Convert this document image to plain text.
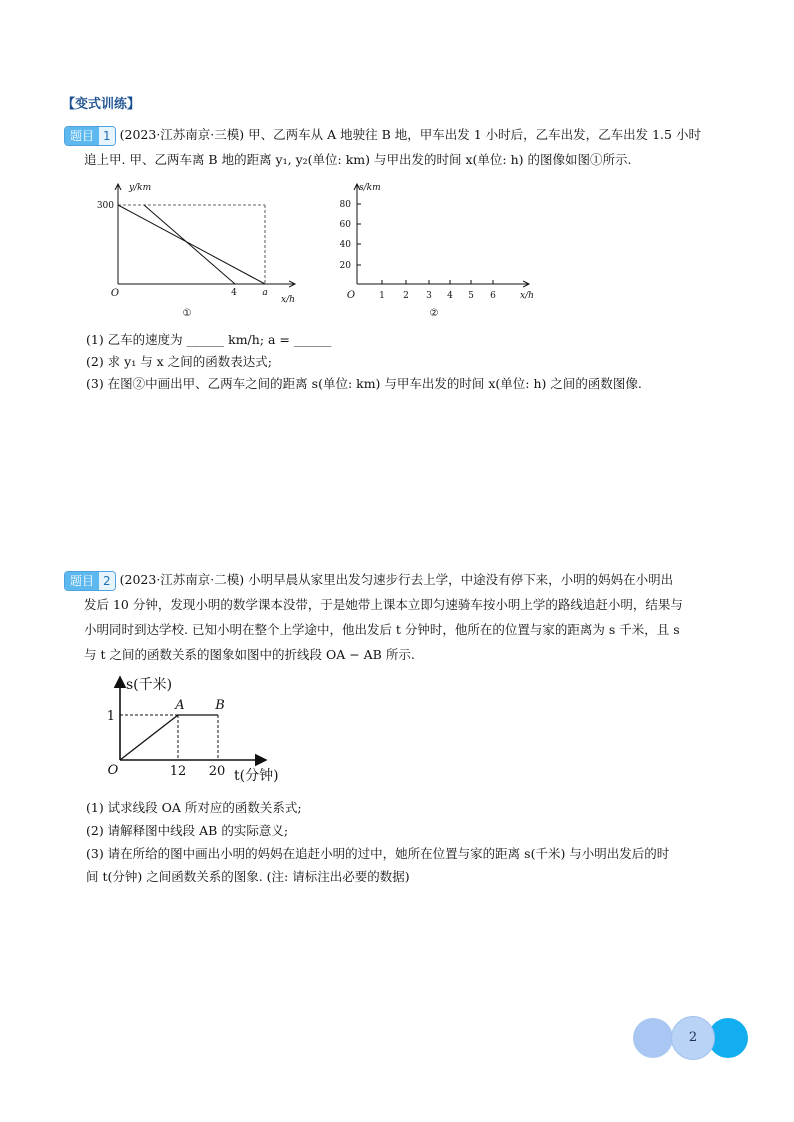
【变式训练】
题目 1 (2023·江苏南京·三模) 甲、乙两车从 A 地驶往 B 地，甲车出发 1 小时后，乙车出发，乙车出发 1.5 小时
追上甲. 甲、乙两车离 B 地的距离 y₁, y₂(单位: km) 与甲出发的时间 x(单位: h) 的图像如图①所示.
y/km
x/h
O
300
4	a
①
s/km
x/h
O
20
40
60
80
1 2 3 4 5 6
②
(1) 乙车的速度为 ______ km/h; a = ______
(2) 求 y₁ 与 x 之间的函数表达式;
(3) 在图②中画出甲、乙两车之间的距离 s(单位: km) 与甲车出发的时间 x(单位: h) 之间的函数图像.
题目 2 (2023·江苏南京·二模) 小明早晨从家里出发匀速步行去上学，中途没有停下来，小明的妈妈在小明出
发后 10 分钟，发现小明的数学课本没带，于是她带上课本立即匀速骑车按小明上学的路线追赶小明，结果与
小明同时到达学校. 已知小明在整个上学途中，他出发后 t 分钟时，他所在的位置与家的距离为 s 千米，且 s
与 t 之间的函数关系的图象如图中的折线段 OA − AB 所示.
s(千米)
t(分钟)
O
1
A B
12 20
(1) 试求线段 OA 所对应的函数关系式;
(2) 请解释图中线段 AB 的实际意义;
(3) 请在所给的图中画出小明的妈妈在追赶小明的过中，她所在位置与家的距离 s(千米) 与小明出发后的时
间 t(分钟) 之间函数关系的图象. (注: 请标注出必要的数据)
2
